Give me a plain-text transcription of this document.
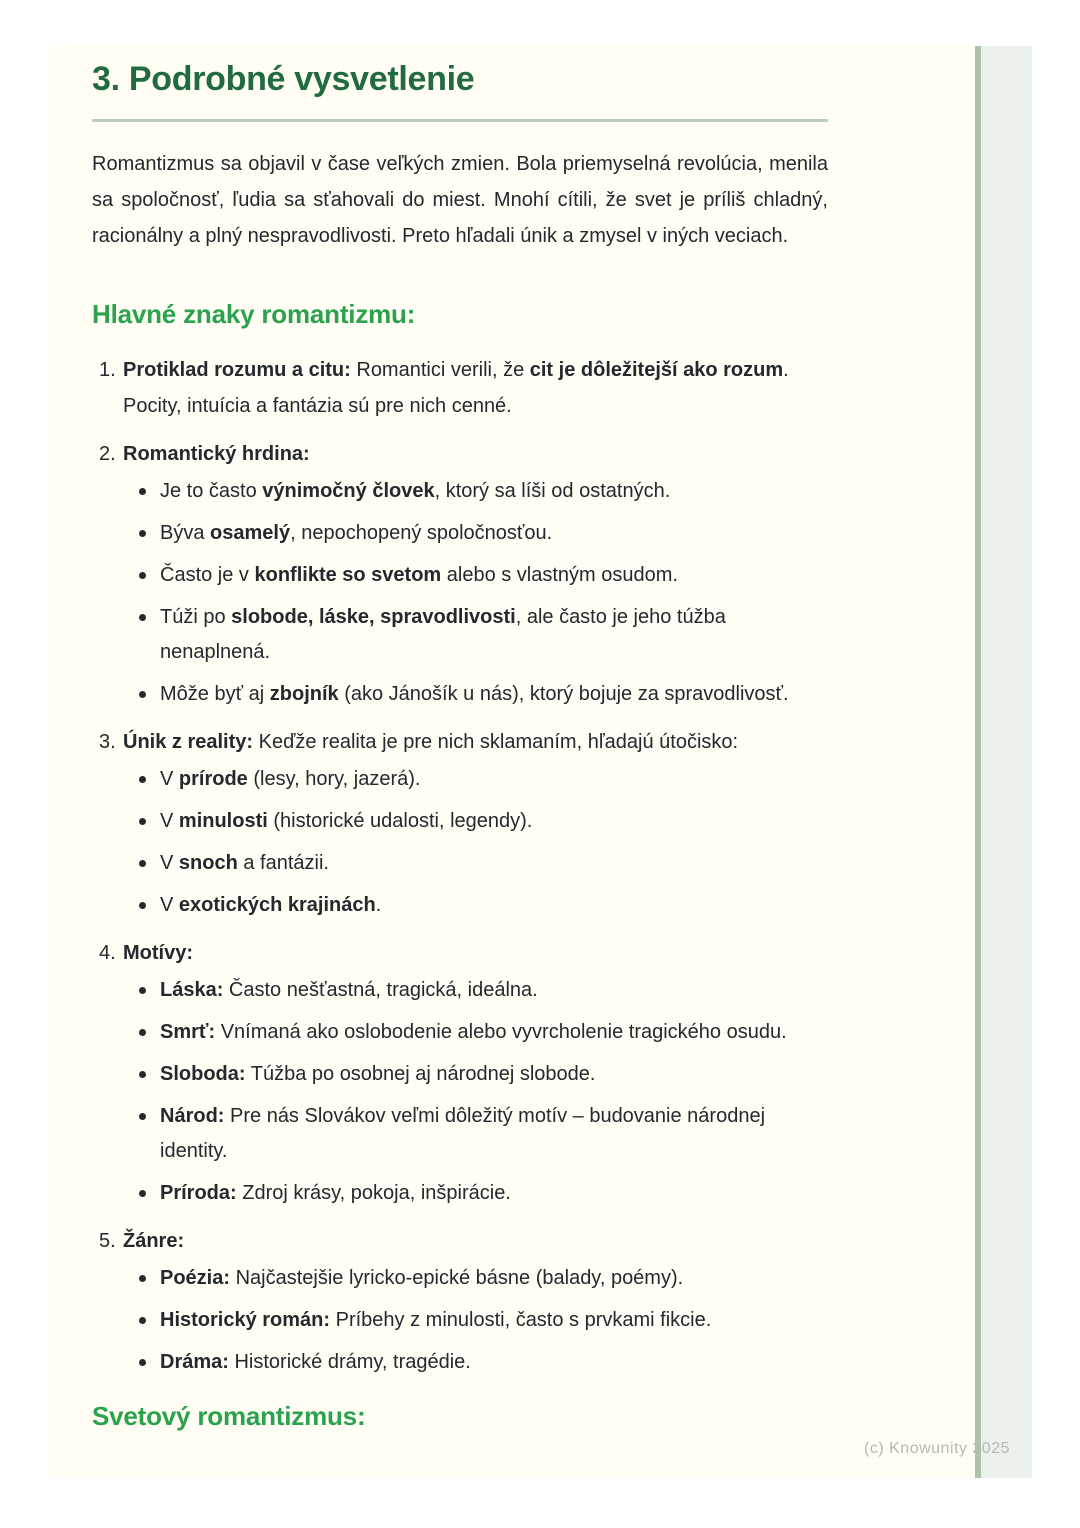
3. Podrobné vysvetlenie

Romantizmus sa objavil v čase veľkých zmien. Bola priemyselná revolúcia, menila sa spoločnosť, ľudia sa sťahovali do miest. Mnohí cítili, že svet je príliš chladný, racionálny a plný nespravodlivosti. Preto hľadali únik a zmysel v iných veciach.

Hlavné znaky romantizmu:
1. Protiklad rozumu a citu: Romantici verili, že cit je dôležitejší ako rozum. Pocity, intuícia a fantázia sú pre nich cenné.
2. Romantický hrdina:
Je to často výnimočný človek, ktorý sa líši od ostatných.
Býva osamelý, nepochopený spoločnosťou.
Často je v konflikte so svetom alebo s vlastným osudom.
Túži po slobode, láske, spravodlivosti, ale často je jeho túžba nenaplnená.
Môže byť aj zbojník (ako Jánošík u nás), ktorý bojuje za spravodlivosť.
3. Únik z reality: Keďže realita je pre nich sklamaním, hľadajú útočisko:
V prírode (lesy, hory, jazerá).
V minulosti (historické udalosti, legendy).
V snoch a fantázii.
V exotických krajinách.
4. Motívy:
Láska: Často nešťastná, tragická, ideálna.
Smrť: Vnímaná ako oslobodenie alebo vyvrcholenie tragického osudu.
Sloboda: Túžba po osobnej aj národnej slobode.
Národ: Pre nás Slovákov veľmi dôležitý motív – budovanie národnej identity.
Príroda: Zdroj krásy, pokoja, inšpirácie.
5. Žánre:
Poézia: Najčastejšie lyricko-epické básne (balady, poémy).
Historický román: Príbehy z minulosti, často s prvkami fikcie.
Dráma: Historické drámy, tragédie.
Svetový romantizmus:
(c) Knowunity 2025
